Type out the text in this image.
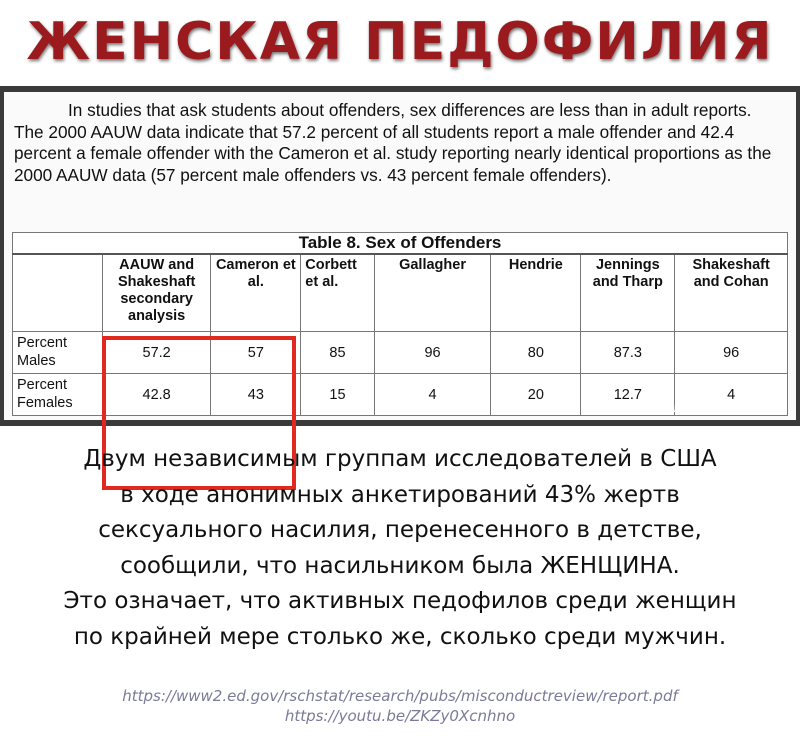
ЖЕНСКАЯ ПЕДОФИЛИЯ
In studies that ask students about offenders, sex differences are less than in adult reports. The 2000 AAUW data indicate that 57.2 percent of all students report a male offender and 42.4 percent a female offender with the Cameron et al. study reporting nearly identical proportions as the 2000 AAUW data (57 percent male offenders vs. 43 percent female offenders).
Table 8. Sex of Offenders							
	AAUW and Shakeshaft secondary analysis	Cameron et al.	Corbett et al.	Gallagher	Hendrie	Jennings and Tharp	Shakeshaft and Cohan
Percent Males	57.2	57	85	96	80	87.3	96
Percent Females	42.8	43	15	4	20	12.7	4
vk.com/womensviolence
Двум независимым группам исследователей в США
в ходе анонимных анкетирований 43% жертв
сексуального насилия, перенесенного в детстве,
сообщили, что насильником была ЖЕНЩИНА.
Это означает, что активных педофилов среди женщин
по крайней мере столько же, сколько среди мужчин.
https://www2.ed.gov/rschstat/research/pubs/misconductreview/report.pdf
https://youtu.be/ZKZy0Xcnhno
